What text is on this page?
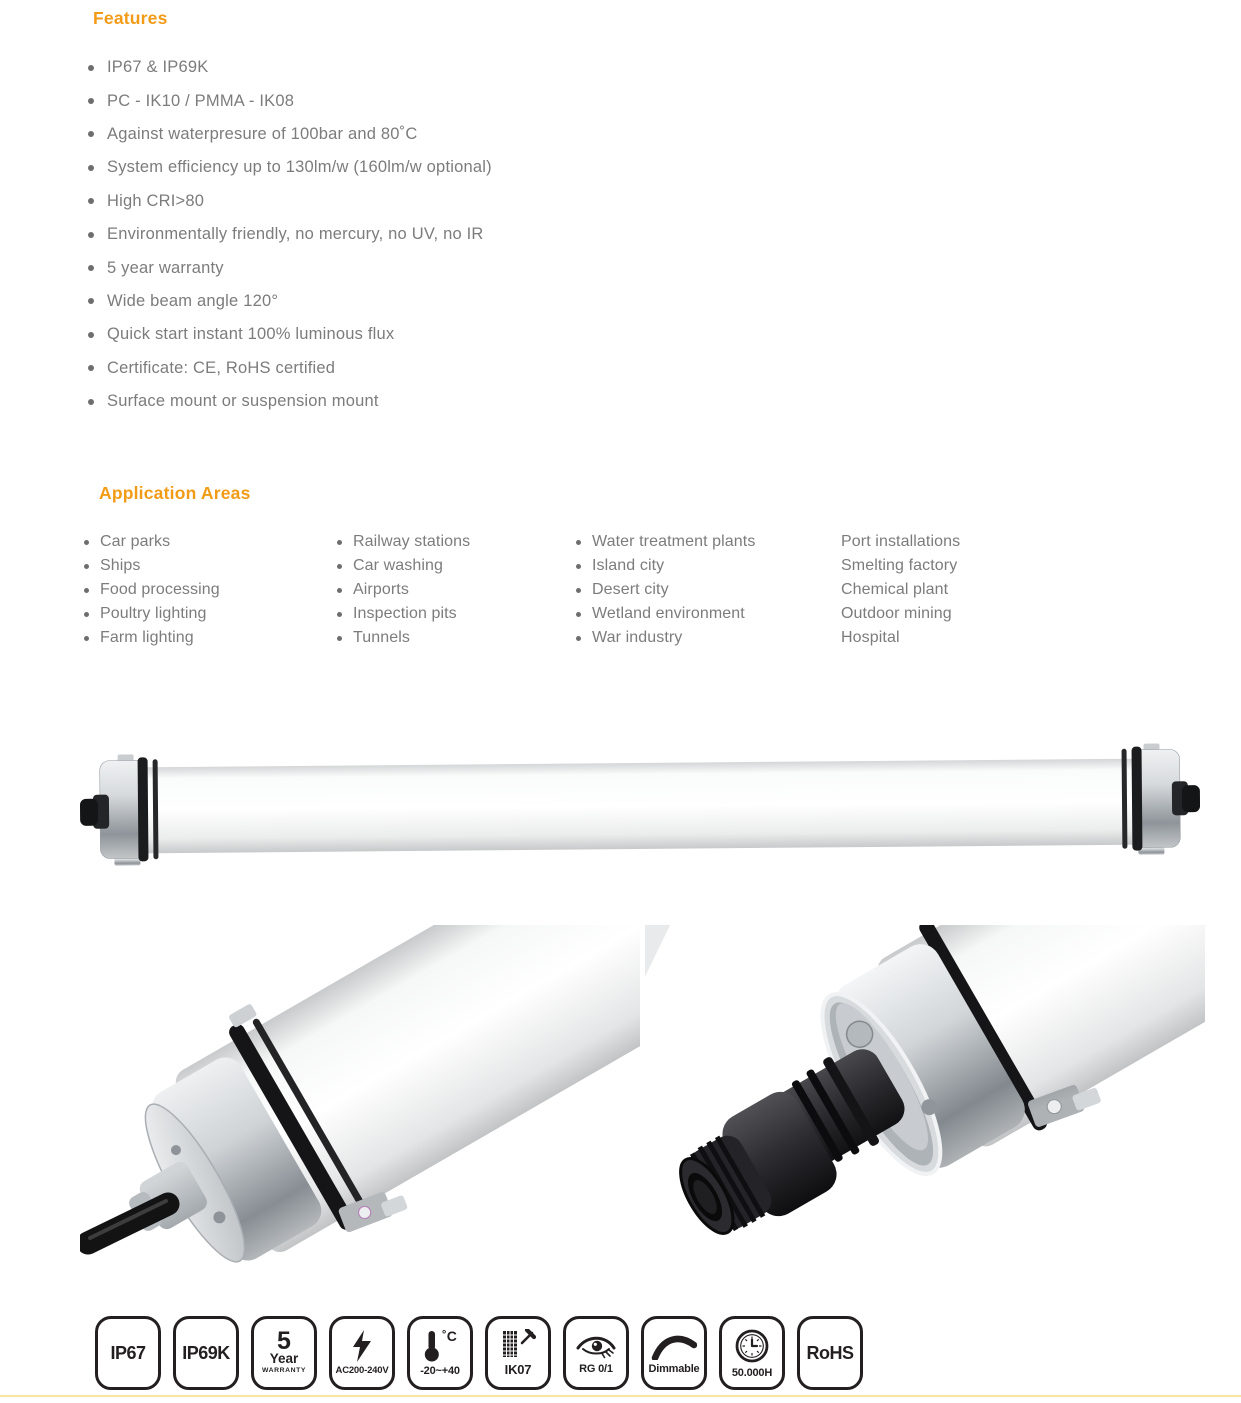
Features
IP67 & IP69K
PC - IK10 / PMMA - IK08
Against waterpresure of 100bar and 80˚C
System efficiency up to 130lm/w (160lm/w optional)
High CRI>80
Environmentally friendly, no mercury, no UV, no IR
5 year warranty
Wide beam angle 120°
Quick start instant 100% luminous flux
Certificate: CE, RoHS certified
Surface mount or suspension mount
Application Areas
Car parks
Ships
Food processing
Poultry lighting
Farm lighting
Railway stations
Car washing
Airports
Inspection pits
Tunnels
Water treatment plants
Island city
Desert city
Wetland environment
War industry
Port installations
Smelting factory
Chemical plant
Outdoor mining
Hospital
IP67 IP69K 5
Year
WARRANTY	AC200-240V
˚C
-20~+40	IK07	RG 0/1	Dimmable	50.000H
RoHS
